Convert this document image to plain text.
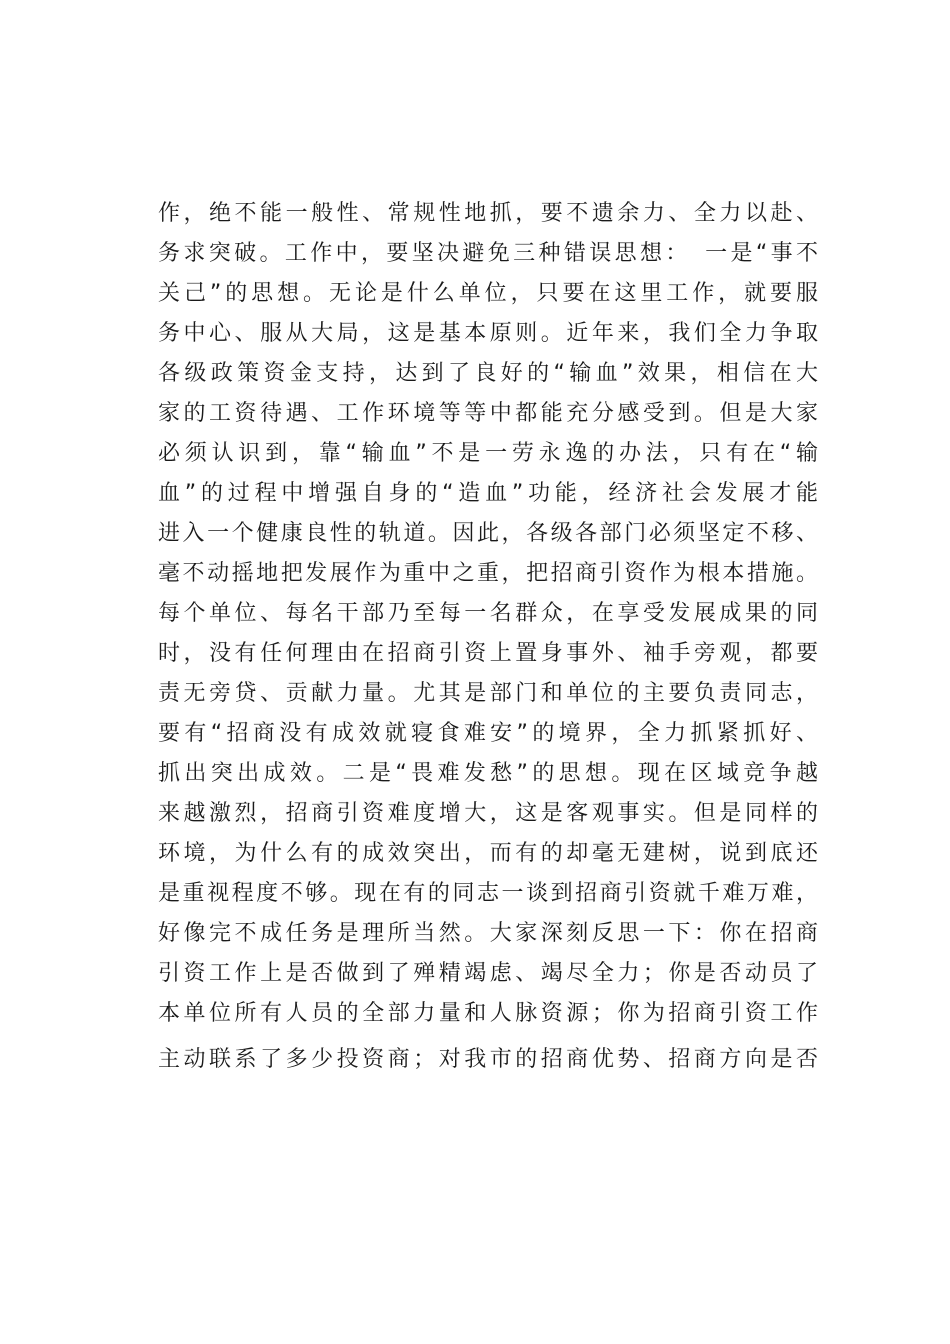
作，绝不能一般性、常规性地抓，要不遗余力、全力以赴、
务求突破。工作中，要坚决避免三种错误思想：　一是“事不
关己”的思想。无论是什么单位，只要在这里工作，就要服
务中心、服从大局，这是基本原则。近年来，我们全力争取
各级政策资金支持，达到了良好的“输血”效果，相信在大
家的工资待遇、工作环境等等中都能充分感受到。但是大家
必须认识到，靠“输血”不是一劳永逸的办法，只有在“输
血”的过程中增强自身的“造血”功能，经济社会发展才能
进入一个健康良性的轨道。因此，各级各部门必须坚定不移、
毫不动摇地把发展作为重中之重，把招商引资作为根本措施。
每个单位、每名干部乃至每一名群众，在享受发展成果的同
时，没有任何理由在招商引资上置身事外、袖手旁观，都要
责无旁贷、贡献力量。尤其是部门和单位的主要负责同志，
要有“招商没有成效就寝食难安”的境界，全力抓紧抓好、
抓出突出成效。二是“畏难发愁”的思想。现在区域竞争越
来越激烈，招商引资难度增大，这是客观事实。但是同样的
环境，为什么有的成效突出，而有的却毫无建树，说到底还
是重视程度不够。现在有的同志一谈到招商引资就千难万难，
好像完不成任务是理所当然。大家深刻反思一下：你在招商
引资工作上是否做到了殚精竭虑、竭尽全力；你是否动员了
本单位所有人员的全部力量和人脉资源；你为招商引资工作
主动联系了多少投资商；对我市的招商优势、招商方向是否
